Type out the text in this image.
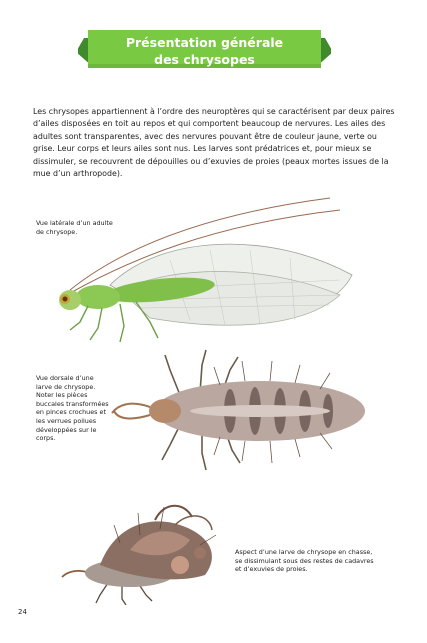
Présentation générale
des chrysopes

Les chrysopes appartiennent à l’ordre des neuroptères qui se caractérisent par deux paires d’ailes disposées en toit au repos et qui comportent beaucoup de nervures. Les ailes des adultes sont transparentes, avec des nervures pouvant être de couleur jaune, verte ou grise. Leur corps et leurs ailes sont nus. Les larves sont prédatrices et, pour mieux se dissimuler, se recouvrent de dépouilles ou d’exuvies de proies (peaux mortes issues de la mue d’un arthropode).

Vue latérale d’un adulte de chrysope.

Vue dorsale d’une larve de chrysope. Noter les pièces buccales transformées en pinces crochues et les verrues poilues développées sur le corps.

Aspect d’une larve de chrysope en chasse, se dissimulant sous des restes de cadavres et d’exuvies de proies.

24
